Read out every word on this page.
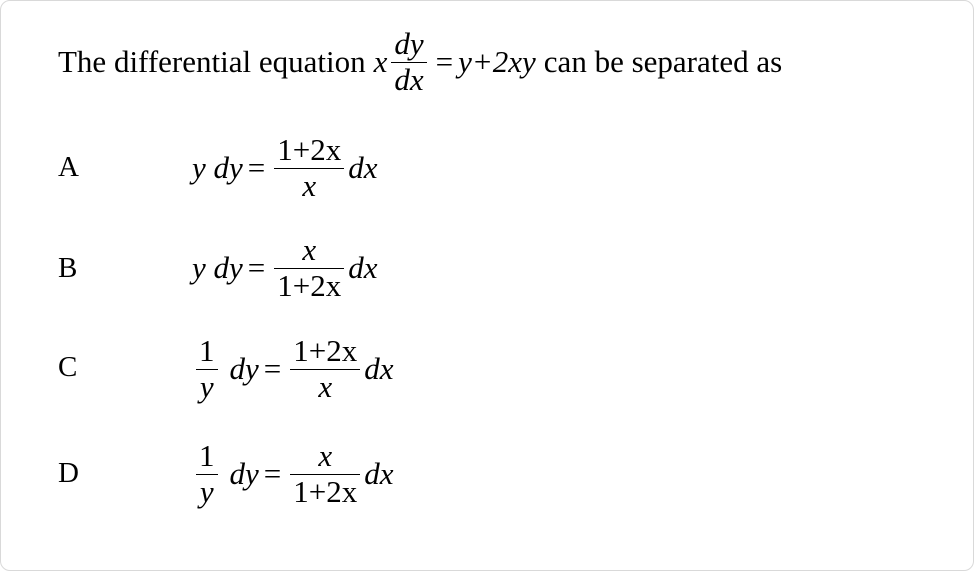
The differential equation x $\frac{dy}{dx} = y+2xy$ can be separated as
A	y dy = $\frac{1+2x}{x}$ dx
B	y dy = $\frac{x}{1+2x}$ dx
C	$\frac{1}{y}$ dy = $\frac{1+2x}{x}$ dx
D	$\frac{1}{y}$ dy = $\frac{x}{1+2x}$ dx
